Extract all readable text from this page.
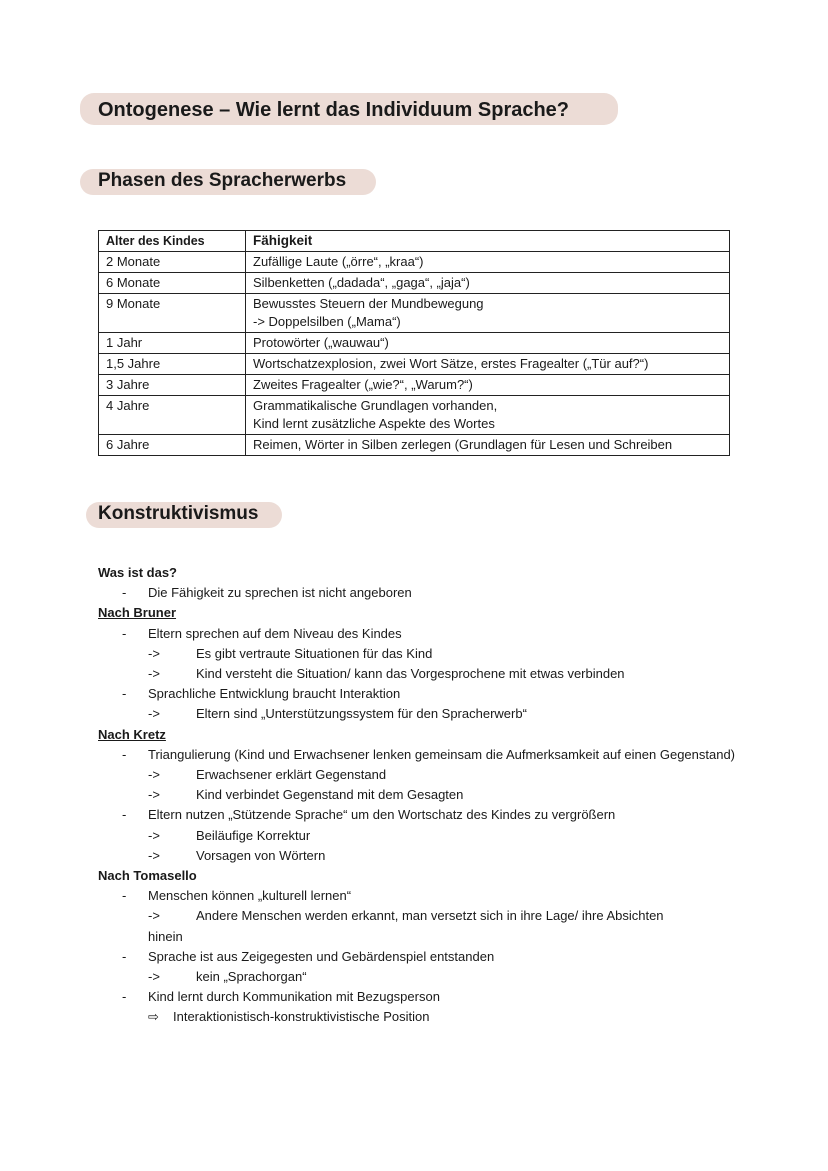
Ontogenese – Wie lernt das Individuum Sprache?
Phasen des Spracherwerbs
Alter des Kindes	Fähigkeit
2 Monate	Zufällige Laute („örre“, „kraa“)
6 Monate	Silbenketten („dadada“, „gaga“, „jaja“)
9 Monate	Bewusstes Steuern der Mundbewegung
-> Doppelsilben („Mama“)

1 Jahr	Protowörter („wauwau“)
1,5 Jahre	Wortschatzexplosion, zwei Wort Sätze, erstes Fragealter („Tür auf?“)
3 Jahre	Zweites Fragealter („wie?“, „Warum?“)
4 Jahre	Grammatikalische Grundlagen vorhanden,
Kind lernt zusätzliche Aspekte des Wortes

6 Jahre	Reimen, Wörter in Silben zerlegen (Grundlagen für Lesen und Schreiben
Konstruktivismus
Was ist das?
- Die Fähigkeit zu sprechen ist nicht angeboren
Nach Bruner
- Eltern sprechen auf dem Niveau des Kindes
->	Es gibt vertraute Situationen für das Kind
->	Kind versteht die Situation/ kann das Vorgesprochene mit etwas verbinden
- Sprachliche Entwicklung braucht Interaktion
->	Eltern sind „Unterstützungssystem für den Spracherwerb“
Nach Kretz
- Triangulierung (Kind und Erwachsener lenken gemeinsam die Aufmerksamkeit auf einen Gegenstand)
->	Erwachsener erklärt Gegenstand
->	Kind verbindet Gegenstand mit dem Gesagten
- Eltern nutzen „Stützende Sprache“ um den Wortschatz des Kindes zu vergrößern
->	Beiläufige Korrektur
->	Vorsagen von Wörtern
Nach Tomasello
- Menschen können „kulturell lernen“
->	Andere Menschen werden erkannt, man versetzt sich in ihre Lage/ ihre Absichten
hinein
- Sprache ist aus Zeigegesten und Gebärdenspiel entstanden
->	kein „Sprachorgan“
- Kind lernt durch Kommunikation mit Bezugsperson
⇨ Interaktionistisch-konstruktivistische Position
